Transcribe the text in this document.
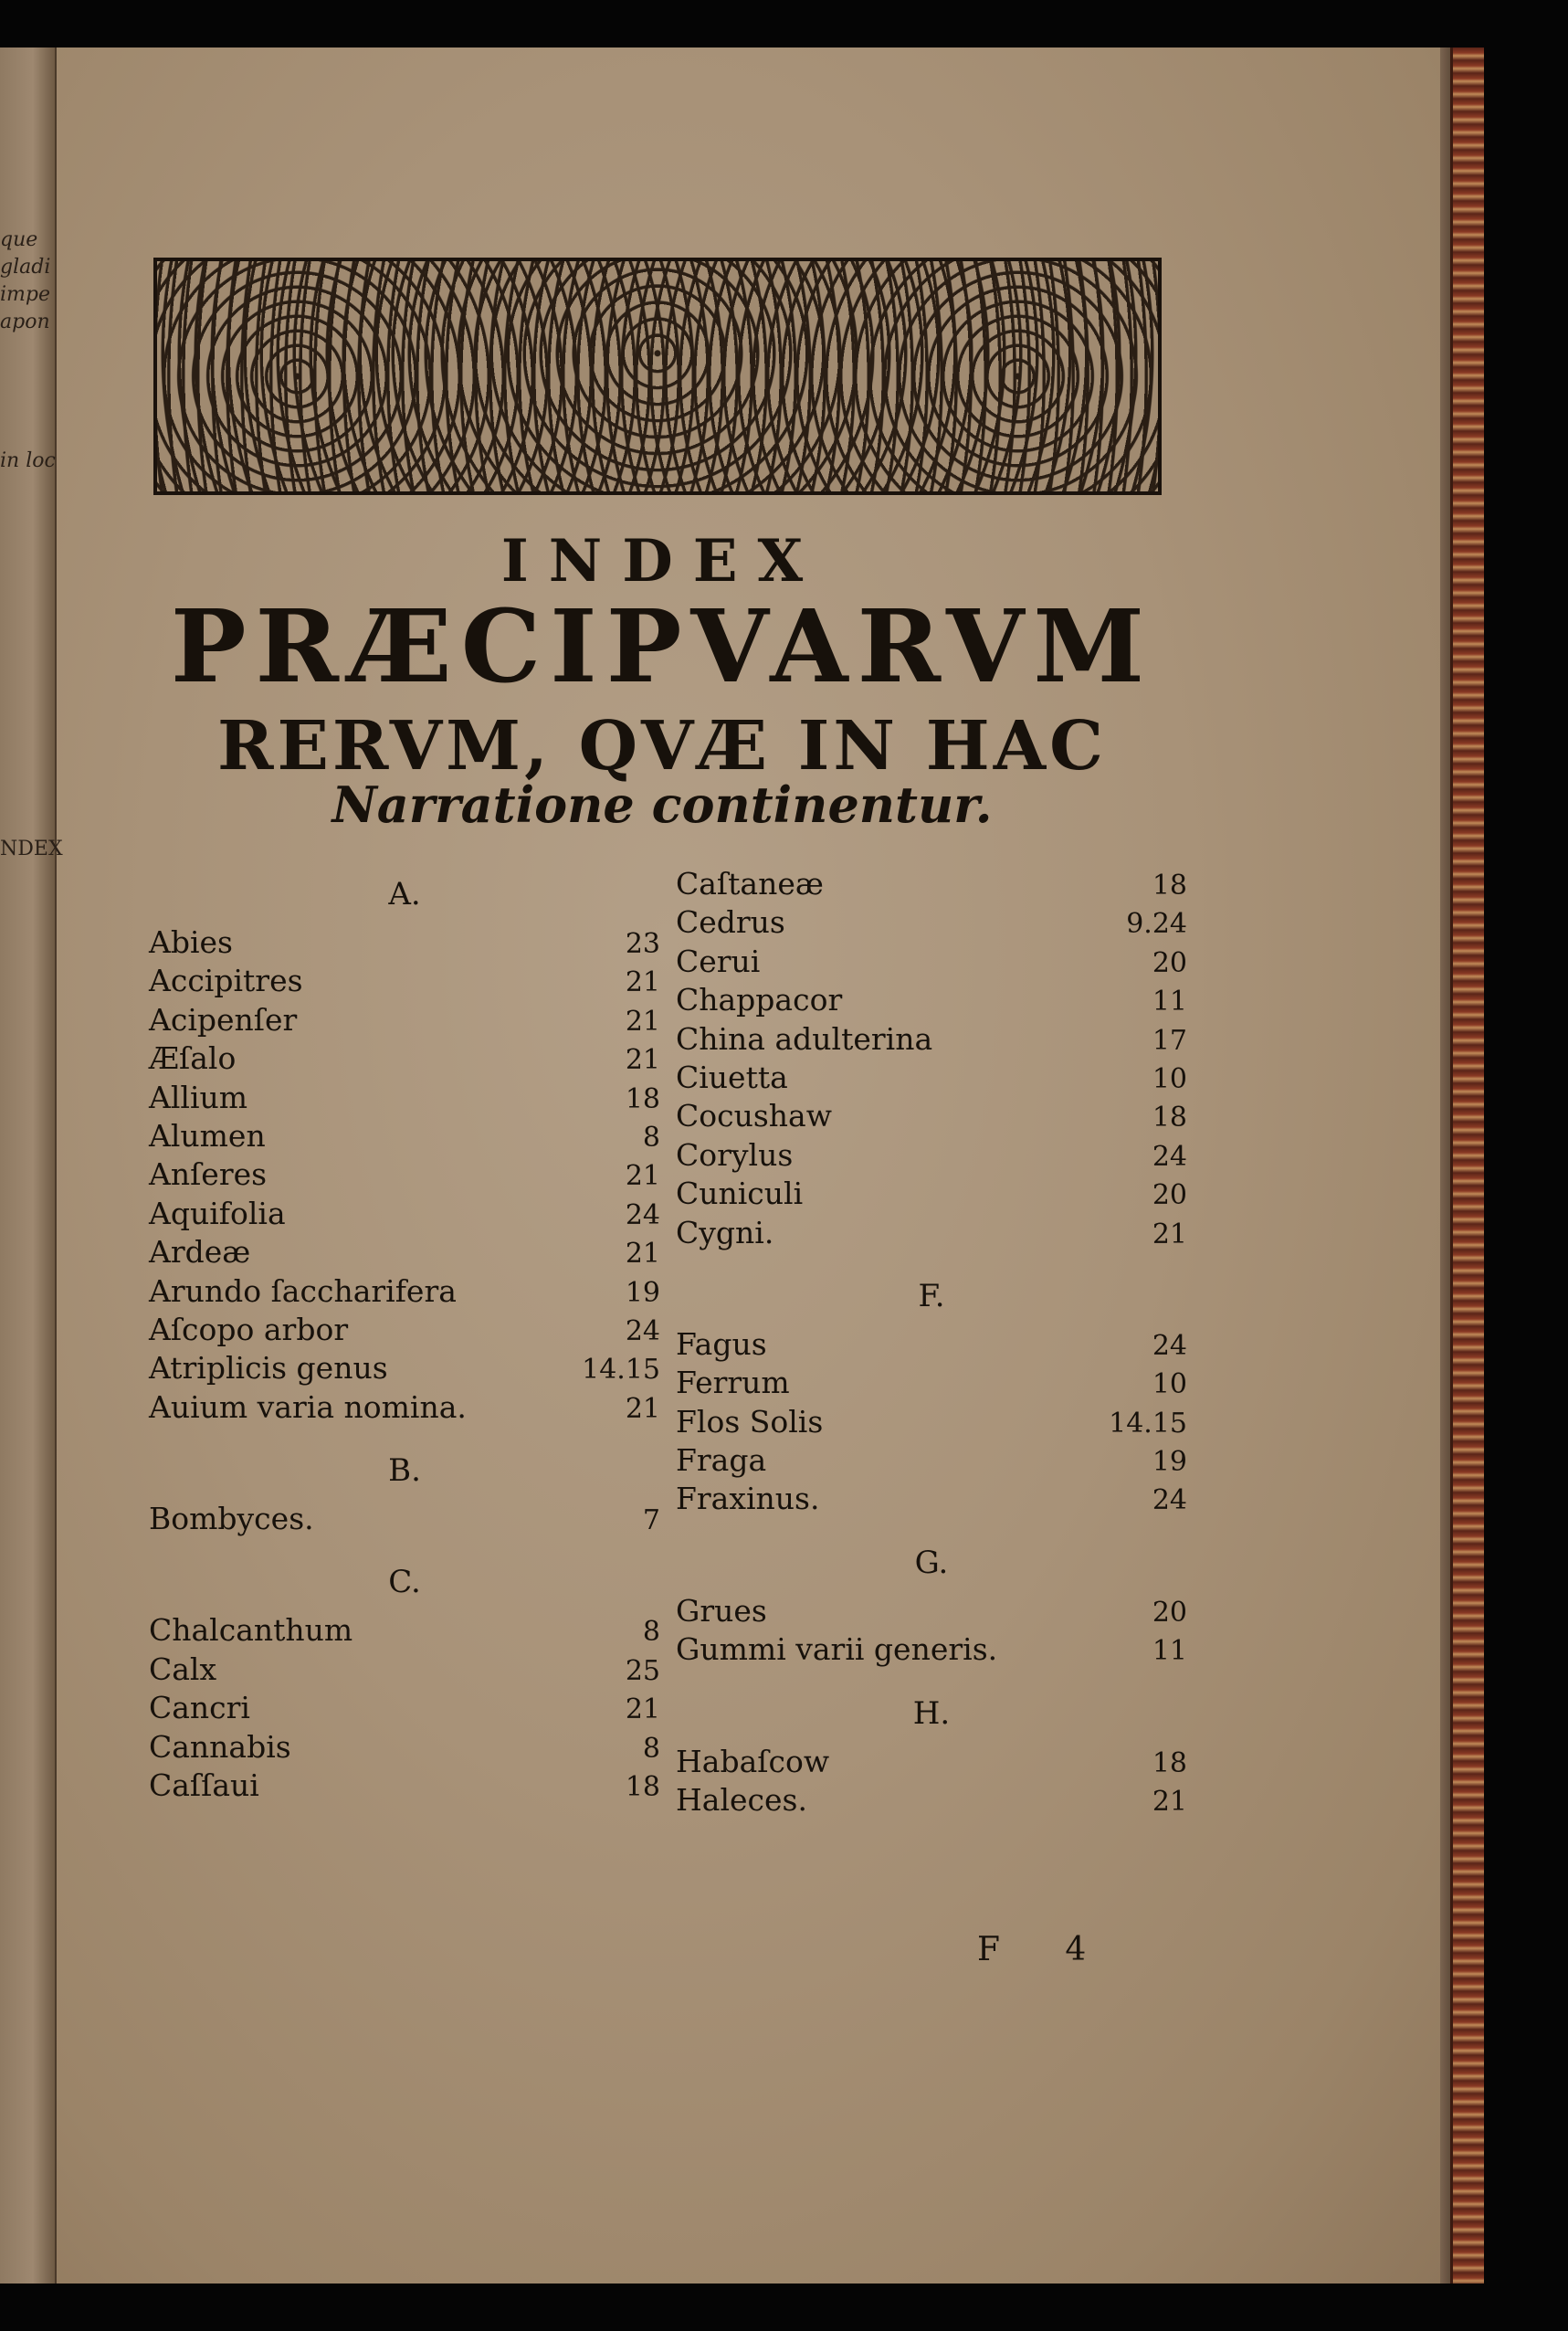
que
gladi
impe
apon
in loc
NDEX
INDEX
PRÆCIPVARVM
RERVM, QVÆ IN HAC
Narratione continentur.
A.
Abies	23
Accipitres	21
Acipenſer	21
Æſalo	21
Allium	18
Alumen	8
Anſeres	21
Aquifolia	24
Ardeæ	21
Arundo ſaccharifera	19
Aſcopo arbor	24
Atriplicis genus	14.15
Auium varia nomina.	21
B.
Bombyces.	7
C.
Chalcanthum	8
Calx	25
Cancri	21
Cannabis	8
Caſſaui	18
Caſtaneæ	18
Cedrus	9.24
Cerui	20
Chappacor	11
China adulterina	17
Ciuetta	10
Cocushaw	18
Corylus	24
Cuniculi	20
Cygni.	21
F.
Fagus	24
Ferrum	10
Flos Solis	14.15
Fraga	19
Fraxinus.	24
G.
Grues	20
Gummi varii generis.	11
H.
Habaſcow	18
Haleces.	21
F 4
